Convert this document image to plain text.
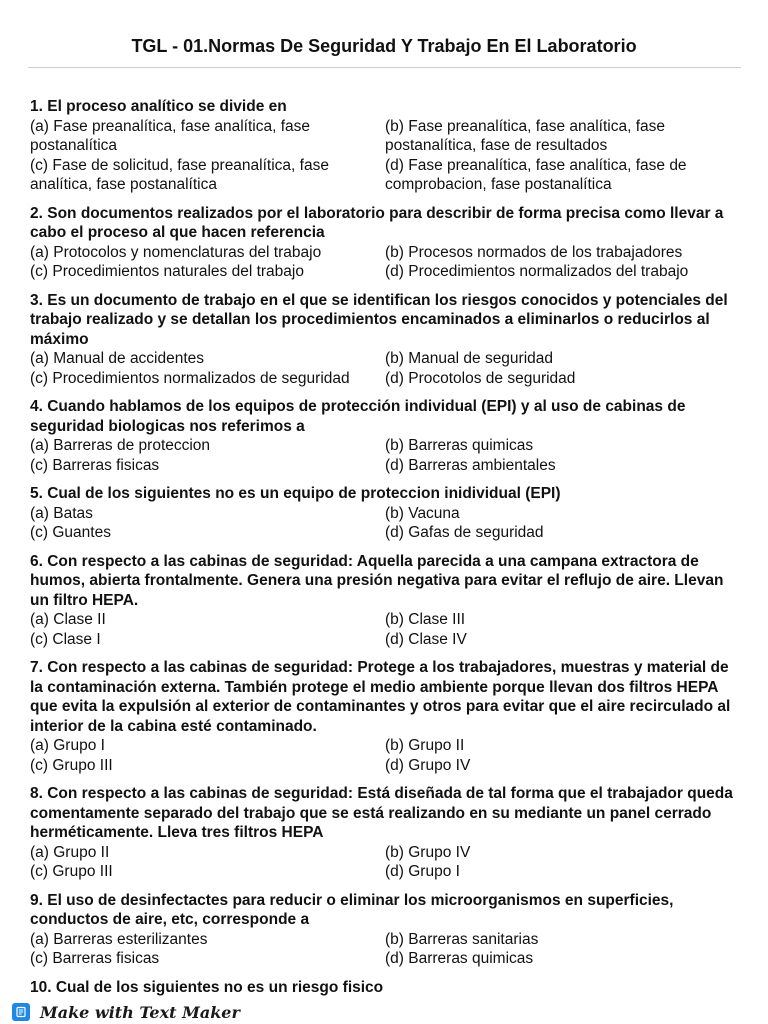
TGL - 01.Normas De Seguridad Y Trabajo En El Laboratorio
1. El proceso analítico se divide en
(a) Fase preanalítica, fase analítica, fase postanalítica
(b) Fase preanalítica, fase analítica, fase postanalítica, fase de resultados
(c) Fase de solicitud, fase preanalítica, fase analítica, fase postanalítica
(d) Fase preanalítica, fase analítica, fase de comprobacion, fase postanalítica
2. Son documentos realizados por el laboratorio para describir de forma precisa como llevar a cabo el proceso al que hacen referencia
(a) Protocolos y nomenclaturas del trabajo	(b) Procesos normados de los trabajadores
(c) Procedimientos naturales del trabajo	(d) Procedimientos normalizados del trabajo
3. Es un documento de trabajo en el que se identifican los riesgos conocidos y potenciales del trabajo realizado y se detallan los procedimientos encaminados a eliminarlos o reducirlos al máximo
(a) Manual de accidentes	(b) Manual de seguridad
(c) Procedimientos normalizados de seguridad	(d) Procotolos de seguridad
4. Cuando hablamos de los equipos de protección individual (EPI) y al uso de cabinas de seguridad biologicas nos referimos a
(a) Barreras de proteccion	(b) Barreras quimicas
(c) Barreras fisicas	(d) Barreras ambientales
5. Cual de los siguientes no es un equipo de proteccion inidividual (EPI)
(a) Batas	(b) Vacuna
(c) Guantes	(d) Gafas de seguridad
6. Con respecto a las cabinas de seguridad: Aquella parecida a una campana extractora de humos, abierta frontalmente. Genera una presión negativa para evitar el reflujo de aire. Llevan un filtro HEPA.
(a) Clase II	(b) Clase III
(c) Clase I	(d) Clase IV
7. Con respecto a las cabinas de seguridad: Protege a los trabajadores, muestras y material de la contaminación externa. También protege el medio ambiente porque llevan dos filtros HEPA que evita la expulsión al exterior de contaminantes y otros para evitar que el aire recirculado al interior de la cabina esté contaminado.
(a) Grupo I	(b) Grupo II
(c) Grupo III	(d) Grupo IV
8. Con respecto a las cabinas de seguridad: Está diseñada de tal forma que el trabajador queda comentamente separado del trabajo que se está realizando en su mediante un panel cerrado herméticamente. Lleva tres filtros HEPA
(a) Grupo II	(b) Grupo IV
(c) Grupo III	(d) Grupo I
9. El uso de desinfectactes para reducir o eliminar los microorganismos en superficies, conductos de aire, etc, corresponde a
(a) Barreras esterilizantes	(b) Barreras sanitarias
(c) Barreras fisicas	(d) Barreras quimicas
10. Cual de los siguientes no es un riesgo fisico
Make with Text Maker
